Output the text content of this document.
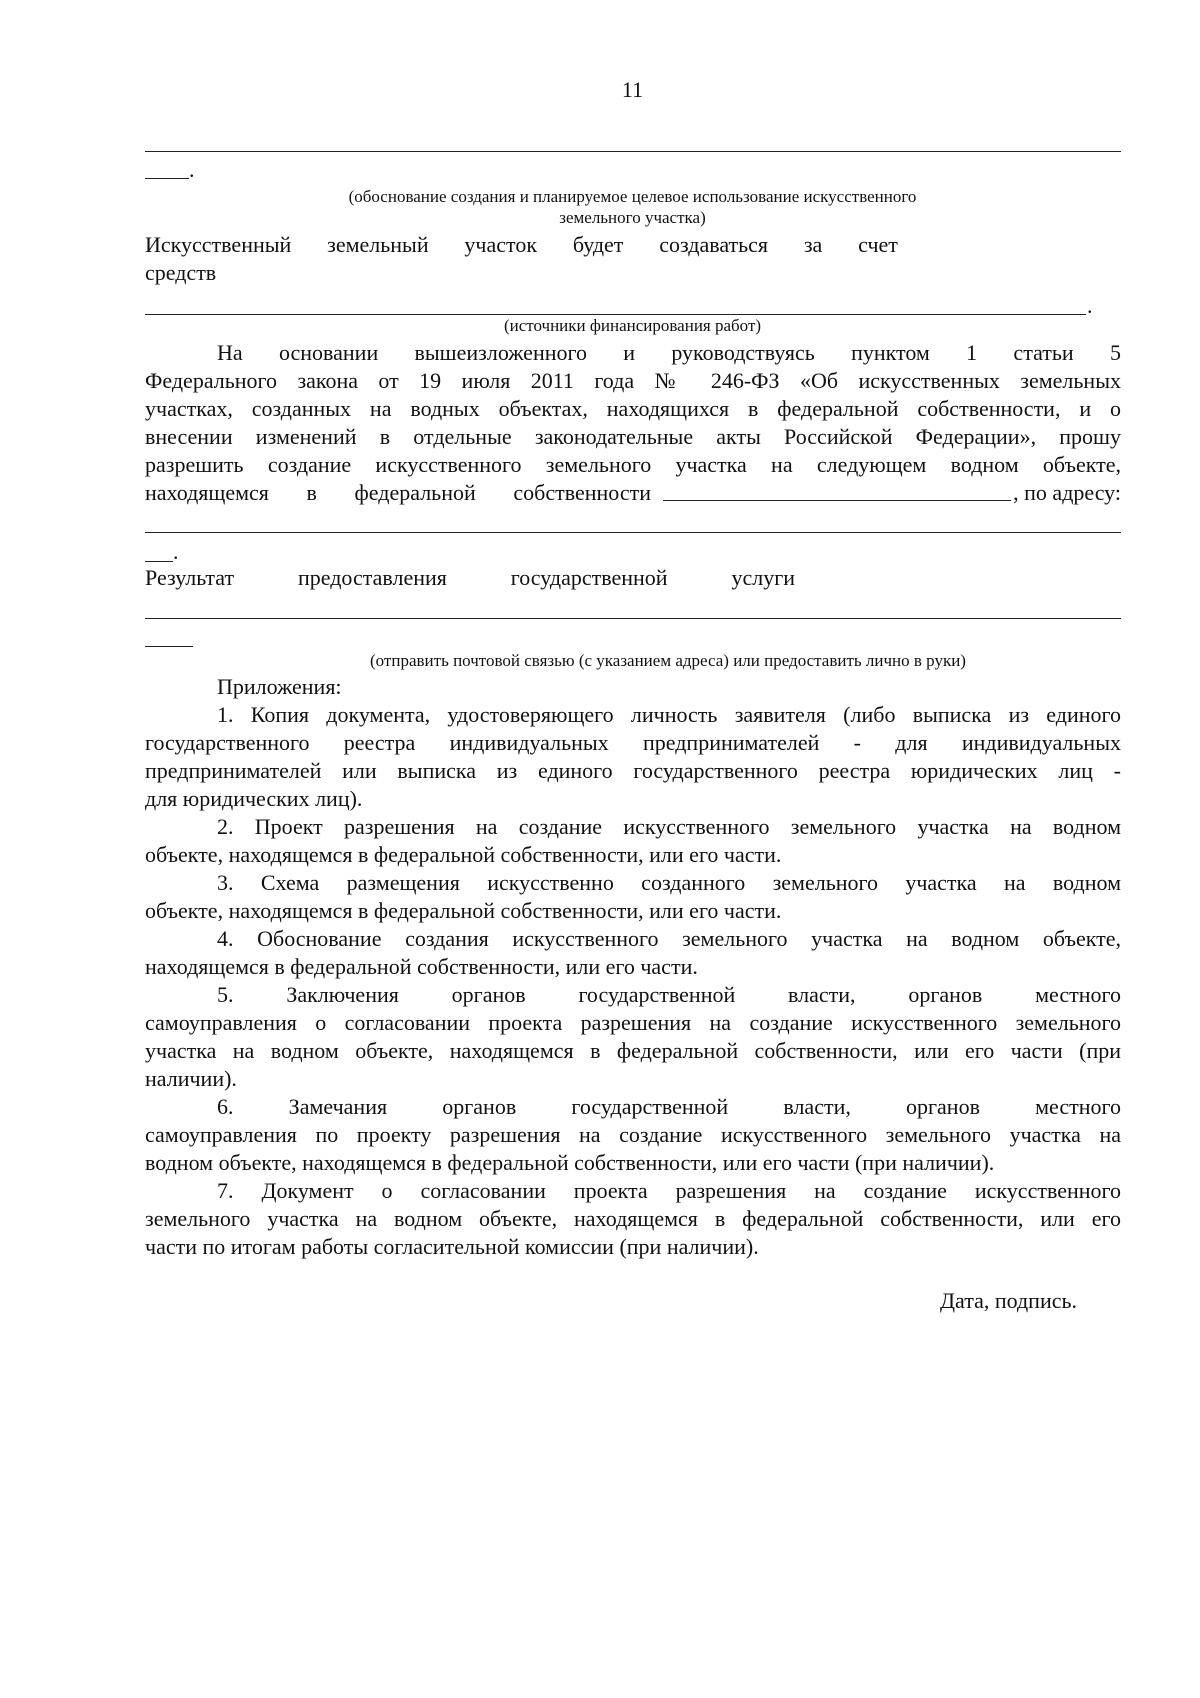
11
.
(обоснование создания и планируемое целевое использование искусственного
земельного участка)
Искусственный земельный участок будет создаваться за счет
средств
.
(источники финансирования работ)
На основании вышеизложенного и руководствуясь пунктом 1 статьи 5
Федерального закона от 19 июля 2011 года № 246-ФЗ «Об искусственных земельных
участках, созданных на водных объектах, находящихся в федеральной собственности, и о
внесении изменений в отдельные законодательные акты Российской Федерации», прошу
разрешить создание искусственного земельного участка на следующем водном объекте,
находящемся в федеральной собственности	, по адресу:
.
Результат	предоставления	государственной	услуги
(отправить почтовой связью (с указанием адреса) или предоставить лично в руки)
Приложения:
1. Копия документа, удостоверяющего личность заявителя (либо выписка из единого
государственного реестра индивидуальных предпринимателей - для индивидуальных
предпринимателей или выписка из единого государственного реестра юридических лиц -
для юридических лиц).
2. Проект разрешения на создание искусственного земельного участка на водном
объекте, находящемся в федеральной собственности, или его части.
3. Схема размещения искусственно созданного земельного участка на водном
объекте, находящемся в федеральной собственности, или его части.
4. Обоснование создания искусственного земельного участка на водном объекте,
находящемся в федеральной собственности, или его части.
5. Заключения органов государственной власти, органов местного
самоуправления о согласовании проекта разрешения на создание искусственного земельного
участка на водном объекте, находящемся в федеральной собственности, или его части (при
наличии).
6. Замечания органов государственной власти, органов местного
самоуправления по проекту разрешения на создание искусственного земельного участка на
водном объекте, находящемся в федеральной собственности, или его части (при наличии).
7. Документ о согласовании проекта разрешения на создание искусственного
земельного участка на водном объекте, находящемся в федеральной собственности, или его
части по итогам работы согласительной комиссии (при наличии).
Дата, подпись.
